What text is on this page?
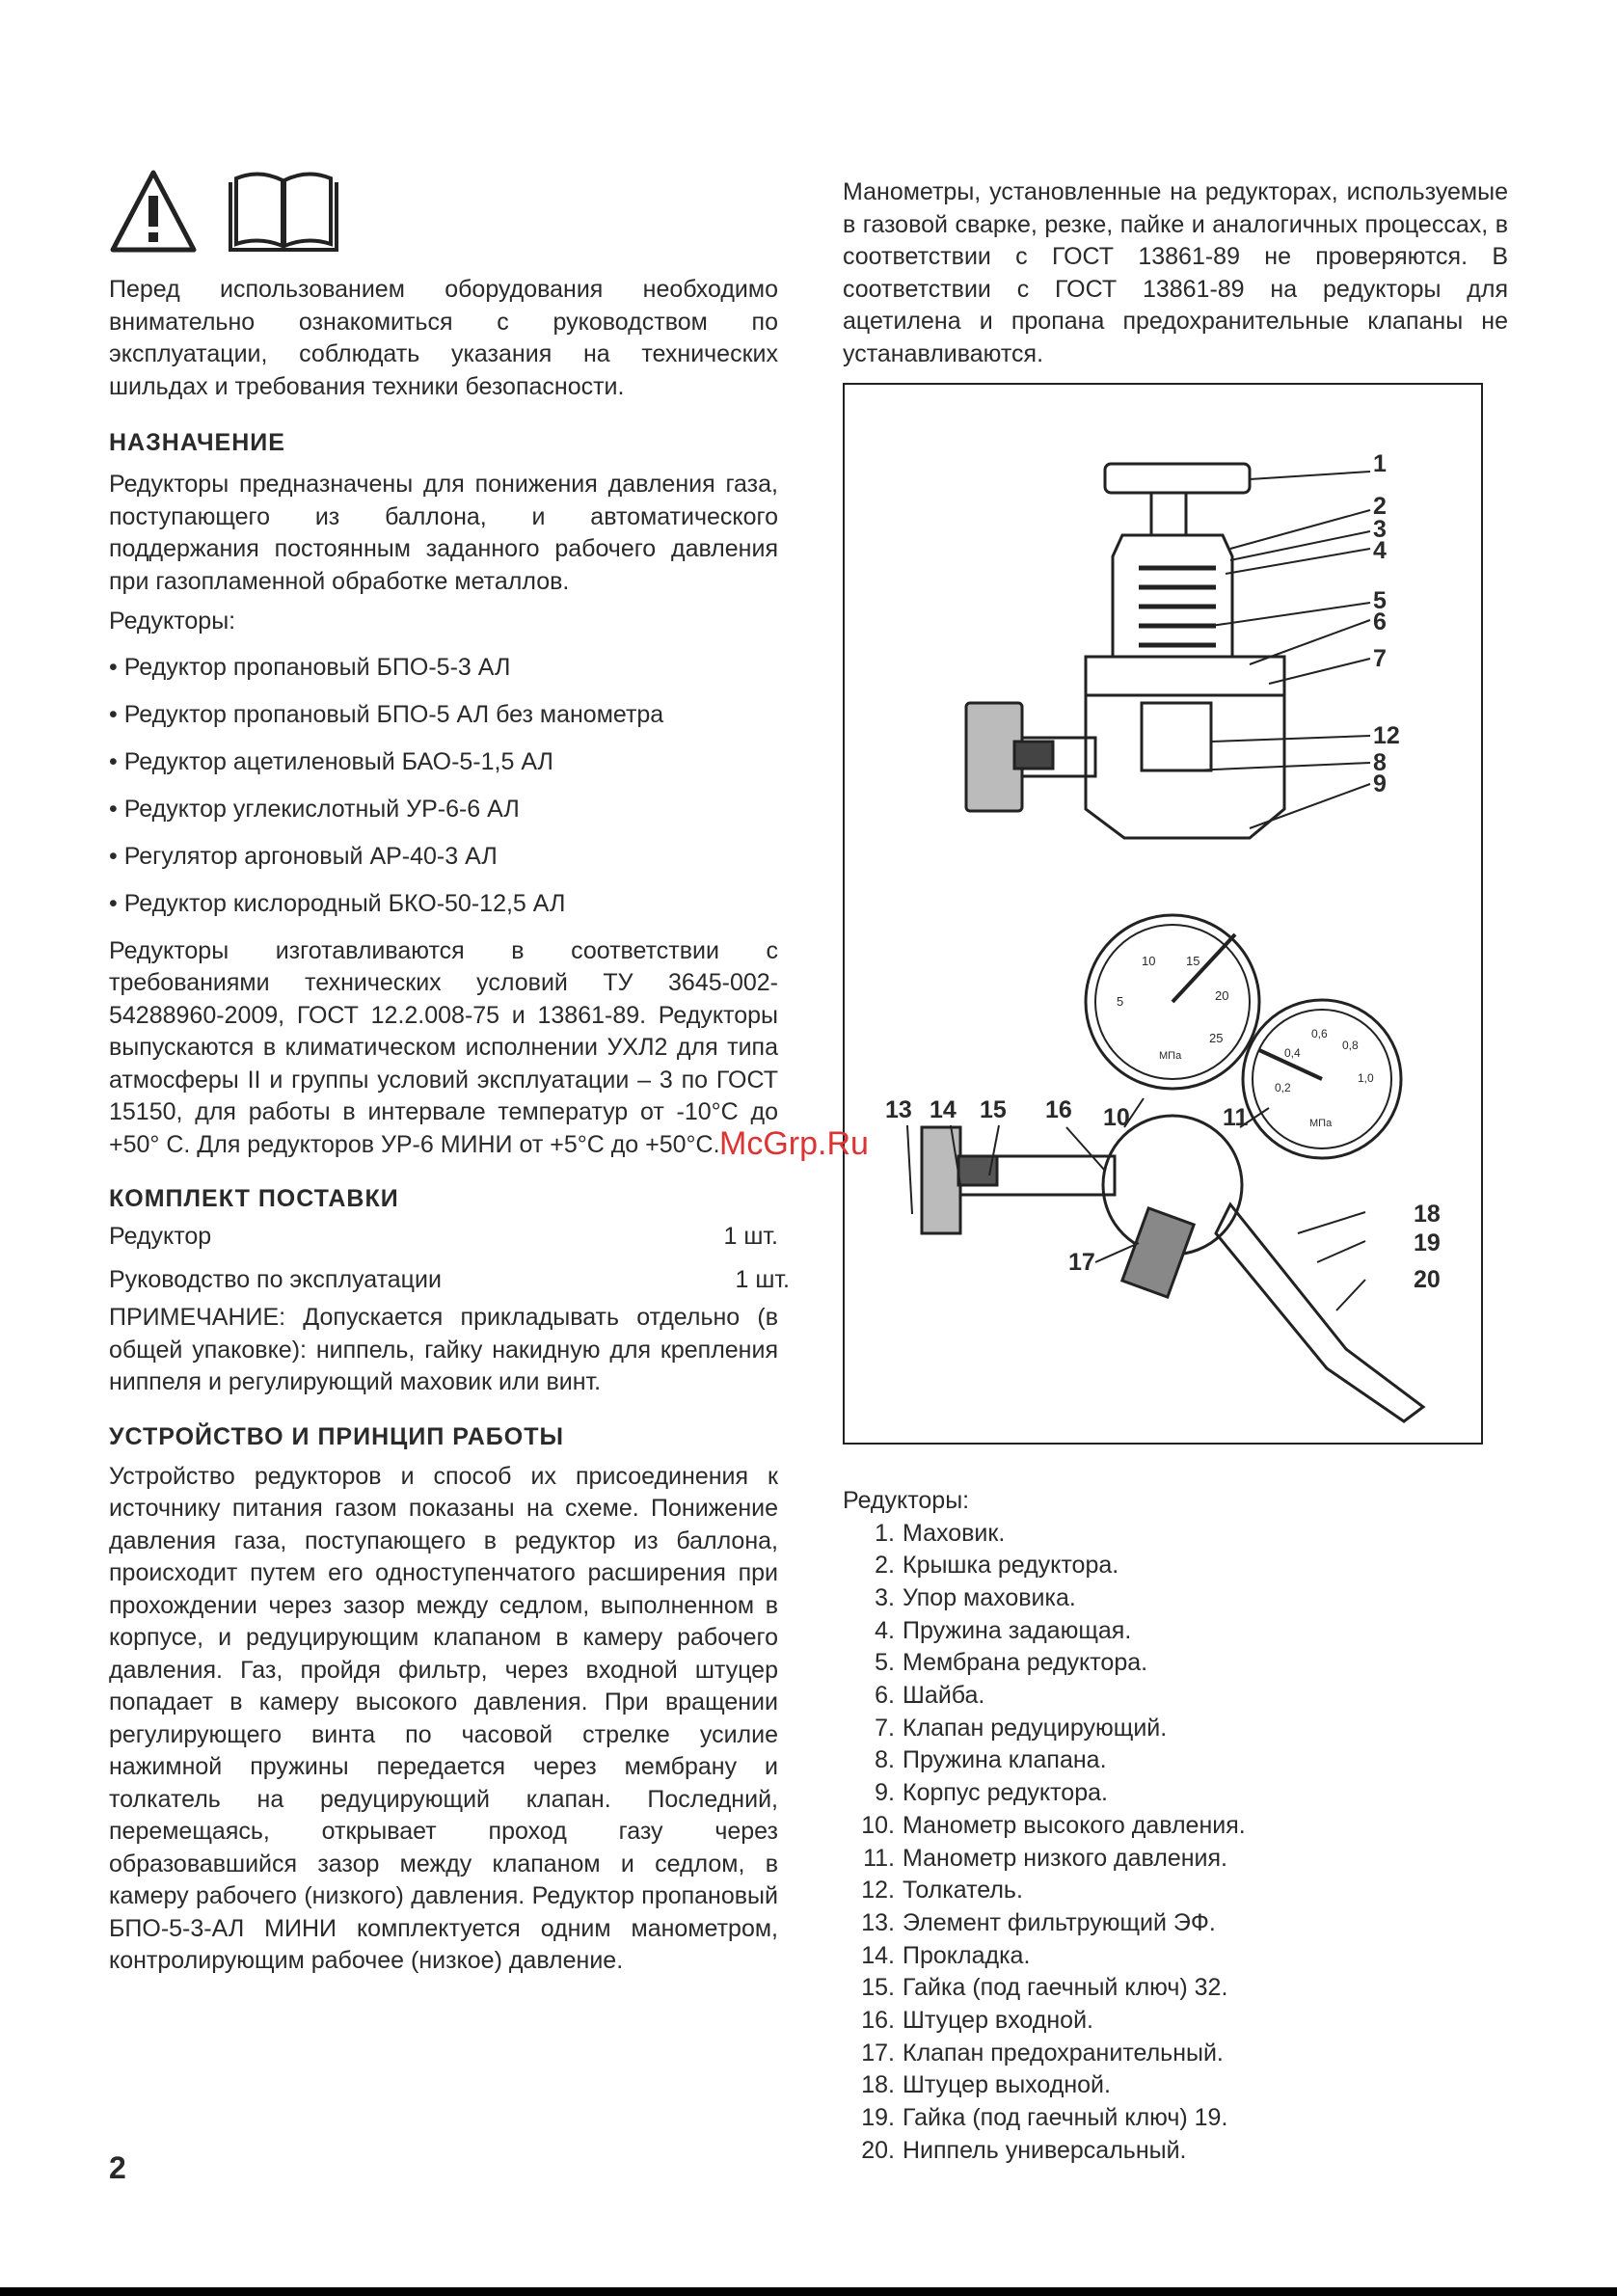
Перед использованием оборудования необходимо внимательно ознакомиться с руководством по эксплуатации, соблюдать указания на технических шильдах и требования техники безопасности.

НАЗНАЧЕНИЕ

Редукторы предназначены для понижения давления газа, поступающего из баллона, и автоматического поддержания постоянным заданного рабочего давления при газопламенной обработке металлов.

Редукторы:

• Редуктор пропановый БПО-5-3 АЛ
• Редуктор пропановый БПО-5 АЛ без манометра
• Редуктор ацетиленовый БАО-5-1,5 АЛ
• Редуктор углекислотный УР-6-6 АЛ
• Регулятор аргоновый АР-40-3 АЛ
• Редуктор кислородный БКО-50-12,5 АЛ

Редукторы изготавливаются в соответствии с требованиями технических условий ТУ 3645-002-54288960-2009, ГОСТ 12.2.008-75 и 13861-89. Редукторы выпускаются в климатическом исполнении УХЛ2 для типа атмосферы II и группы условий эксплуатации – 3 по ГОСТ 15150, для работы в интервале температур от -10°С до +50° С. Для редукторов УР-6 МИНИ от +5°С до +50°С.

КОМПЛЕКТ ПОСТАВКИ
Редуктор	1 шт.
Руководство по эксплуатации	1 шт.

ПРИМЕЧАНИЕ: Допускается прикладывать отдельно (в общей упаковке): ниппель, гайку накидную для крепления ниппеля и регулирующий маховик или винт.

УСТРОЙСТВО И ПРИНЦИП РАБОТЫ

Устройство редукторов и способ их присоединения к источнику питания газом показаны на схеме. Понижение давления газа, поступающего в редуктор из баллона, происходит путем его одноступенчатого расширения при прохождении через зазор между седлом, выполненном в корпусе, и редуцирующим клапаном в камеру рабочего давления. Газ, пройдя фильтр, через входной штуцер попадает в камеру высокого давления. При вращении регулирующего винта по часовой стрелке усилие нажимной пружины передается через мембрану и толкатель на редуцирующий клапан. Последний, перемещаясь, открывает проход газу через образовавшийся зазор между клапаном и седлом, в камеру рабочего (низкого) давления. Редуктор пропановый БПО-5-3-АЛ МИНИ комплектуется одним манометром, контролирующим рабочее (низкое) давление.

Манометры, установленные на редукторах, используемые в газовой сварке, резке, пайке и аналогичных процессах, в соответствии с ГОСТ 13861-89 не проверяются. В соответствии с ГОСТ 13861-89 на редукторы для ацетилена и пропана предохранительные клапаны не устанавливаются.

1
2
3
4
5
6
7
12
8
9
13 14 15 16 10	11
18
19
20
17
5
10 15
20
25
МПа
0,2
0,4
0,6
0,8
1,0
МПа

Редукторы:

1. Маховик.
2. Крышка редуктора.
3. Упор маховика.
4. Пружина задающая.
5. Мембрана редуктора.
6. Шайба.
7. Клапан редуцирующий.
8. Пружина клапана.
9. Корпус редуктора.
10. Манометр высокого давления.
11. Манометр низкого давления.
12. Толкатель.
13. Элемент фильтрующий ЭФ.
14. Прокладка.
15. Гайка (под гаечный ключ) 32.
16. Штуцер входной.
17. Клапан предохранительный.
18. Штуцер выходной.
19. Гайка (под гаечный ключ) 19.
20. Ниппель универсальный.
McGrp.Ru
2
